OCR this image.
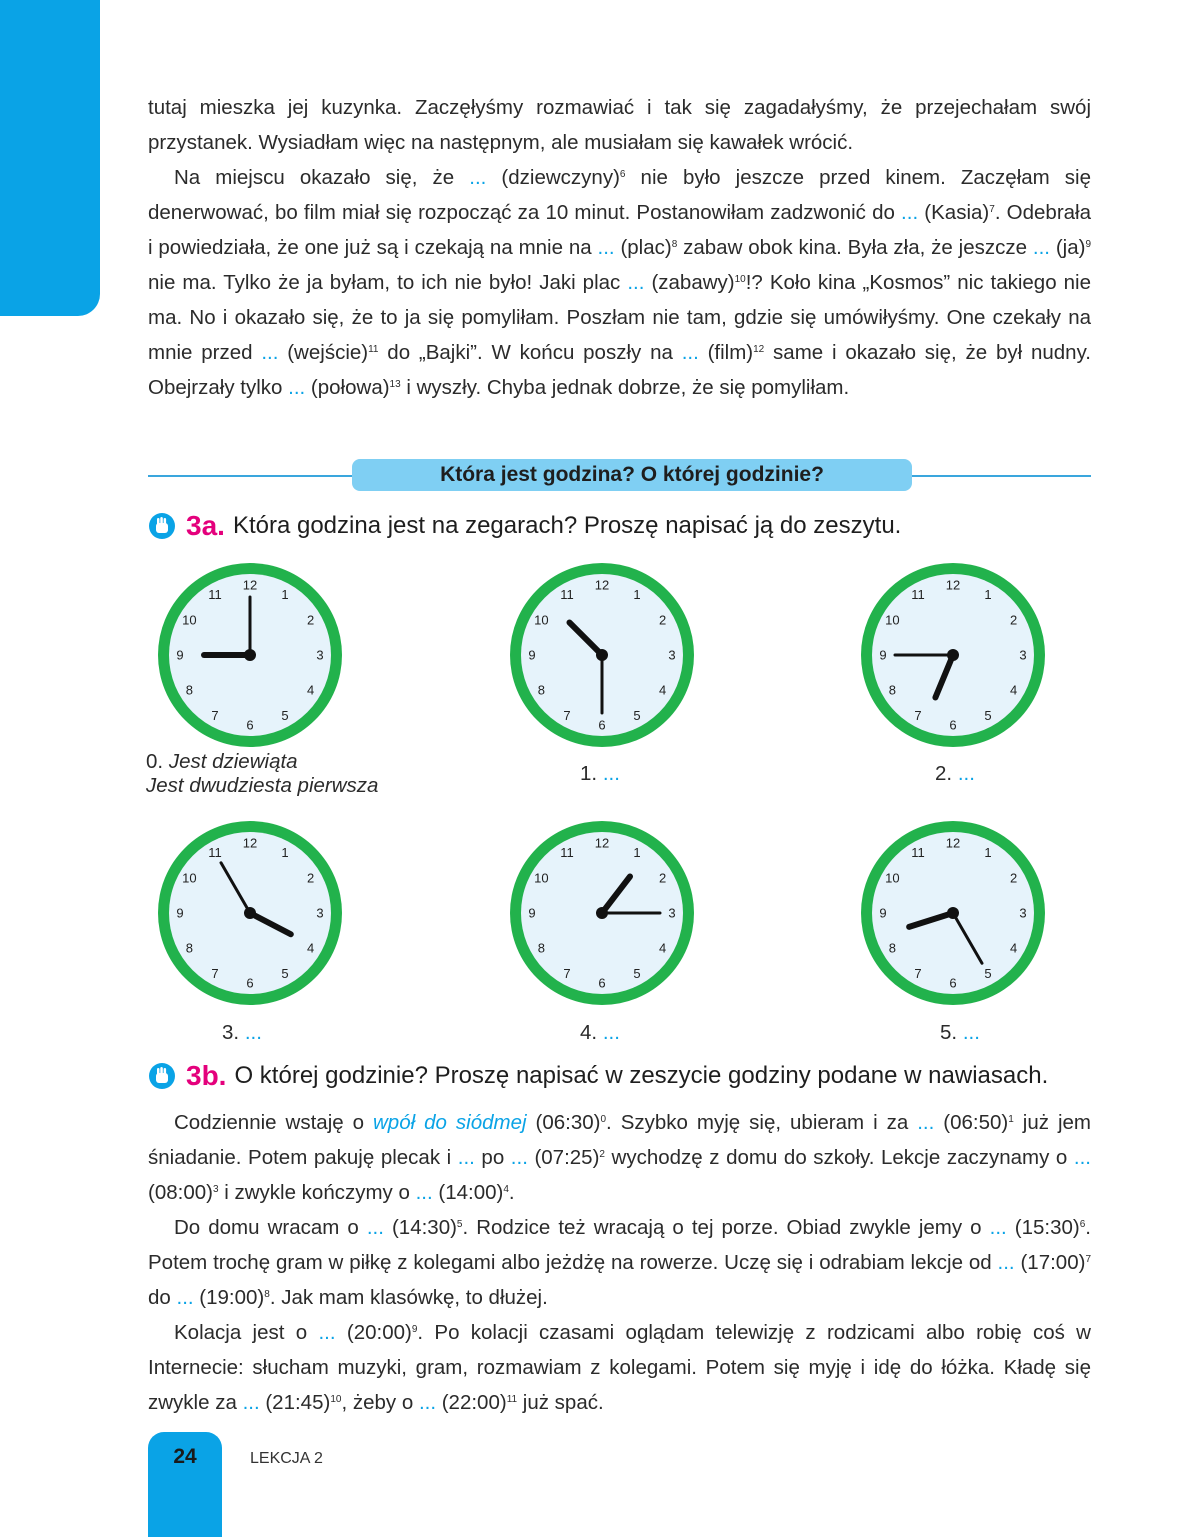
tutaj mieszka jej kuzynka. Zaczęłyśmy rozmawiać i tak się zagadałyśmy, że przejechałam swój przystanek. Wysiadłam więc na następnym, ale musiałam się kawałek wrócić.

Na miejscu okazało się, że ... (dziewczyny)$^6$ nie było jeszcze przed kinem. Zaczęłam się denerwować, bo film miał się rozpocząć za 10 minut. Postanowiłam zadzwonić do ... (Kasia)$^7$. Odebrała i powiedziała, że one już są i czekają na mnie na ... (plac)$^8$ zabaw obok kina. Była zła, że jeszcze ... (ja)$^9$ nie ma. Tylko że ja byłam, to ich nie było! Jaki plac ... (zabawy)$^{10}$!? Koło kina „Kosmos” nic takiego nie ma. No i okazało się, że to ja się pomyliłam. Poszłam nie tam, gdzie się umówiłyśmy. One czekały na mnie przed ... (wejście)$^{11}$ do „Bajki”. W końcu poszły na ... (film)$^{12}$ same i okazało się, że był nudny. Obejrzały tylko ... (połowa)$^{13}$ i wyszły. Chyba jednak dobrze, że się pomyliłam.

Która jest godzina? O której godzinie?
3a. Która godzina jest na zegarach? Proszę napisać ją do zeszytu.
1
2
3
4
5
6
7
8
9
10
11
12
1
2
3
4
5
6
7
8
9
10
11
12
1
2
3
4
5
6
7
8
9
10
11
12
1
2
3
4
5
6
7
8
9
10
11
12
1
2
3
4
5
6
7
8
9
10
11
12
1
2
3
4
5
6
7
8
9
10
11
12
0. Jest dziewiąta
Jest dwudziesta pierwsza
1. ...	2. ...
3. ...	4. ...	5. ...
3b. O której godzinie? Proszę napisać w zeszycie godziny podane w nawiasach.

Codziennie wstaję o wpół do siódmej (06:30)$^0$. Szybko myję się, ubieram i za ... (06:50)$^1$ już jem śniadanie. Potem pakuję plecak i ... po ... (07:25)$^2$ wychodzę z domu do szkoły. Lekcje zaczynamy o ... (08:00)$^3$ i zwykle kończymy o ... (14:00)$^4$.

Do domu wracam o ... (14:30)$^5$. Rodzice też wracają o tej porze. Obiad zwykle jemy o ... (15:30)$^6$. Potem trochę gram w piłkę z kolegami albo jeżdżę na rowerze. Uczę się i odrabiam lekcje od ... (17:00)$^7$ do ... (19:00)$^8$. Jak mam klasówkę, to dłużej.

Kolacja jest o ... (20:00)$^9$. Po kolacji czasami oglądam telewizję z rodzicami albo robię coś w Internecie: słucham muzyki, gram, rozmawiam z kolegami. Potem się myję i idę do łóżka. Kładę się zwykle za ... (21:45)$^{10}$, żeby o ... (22:00)$^{11}$ już spać.

24	LEKCJA 2
